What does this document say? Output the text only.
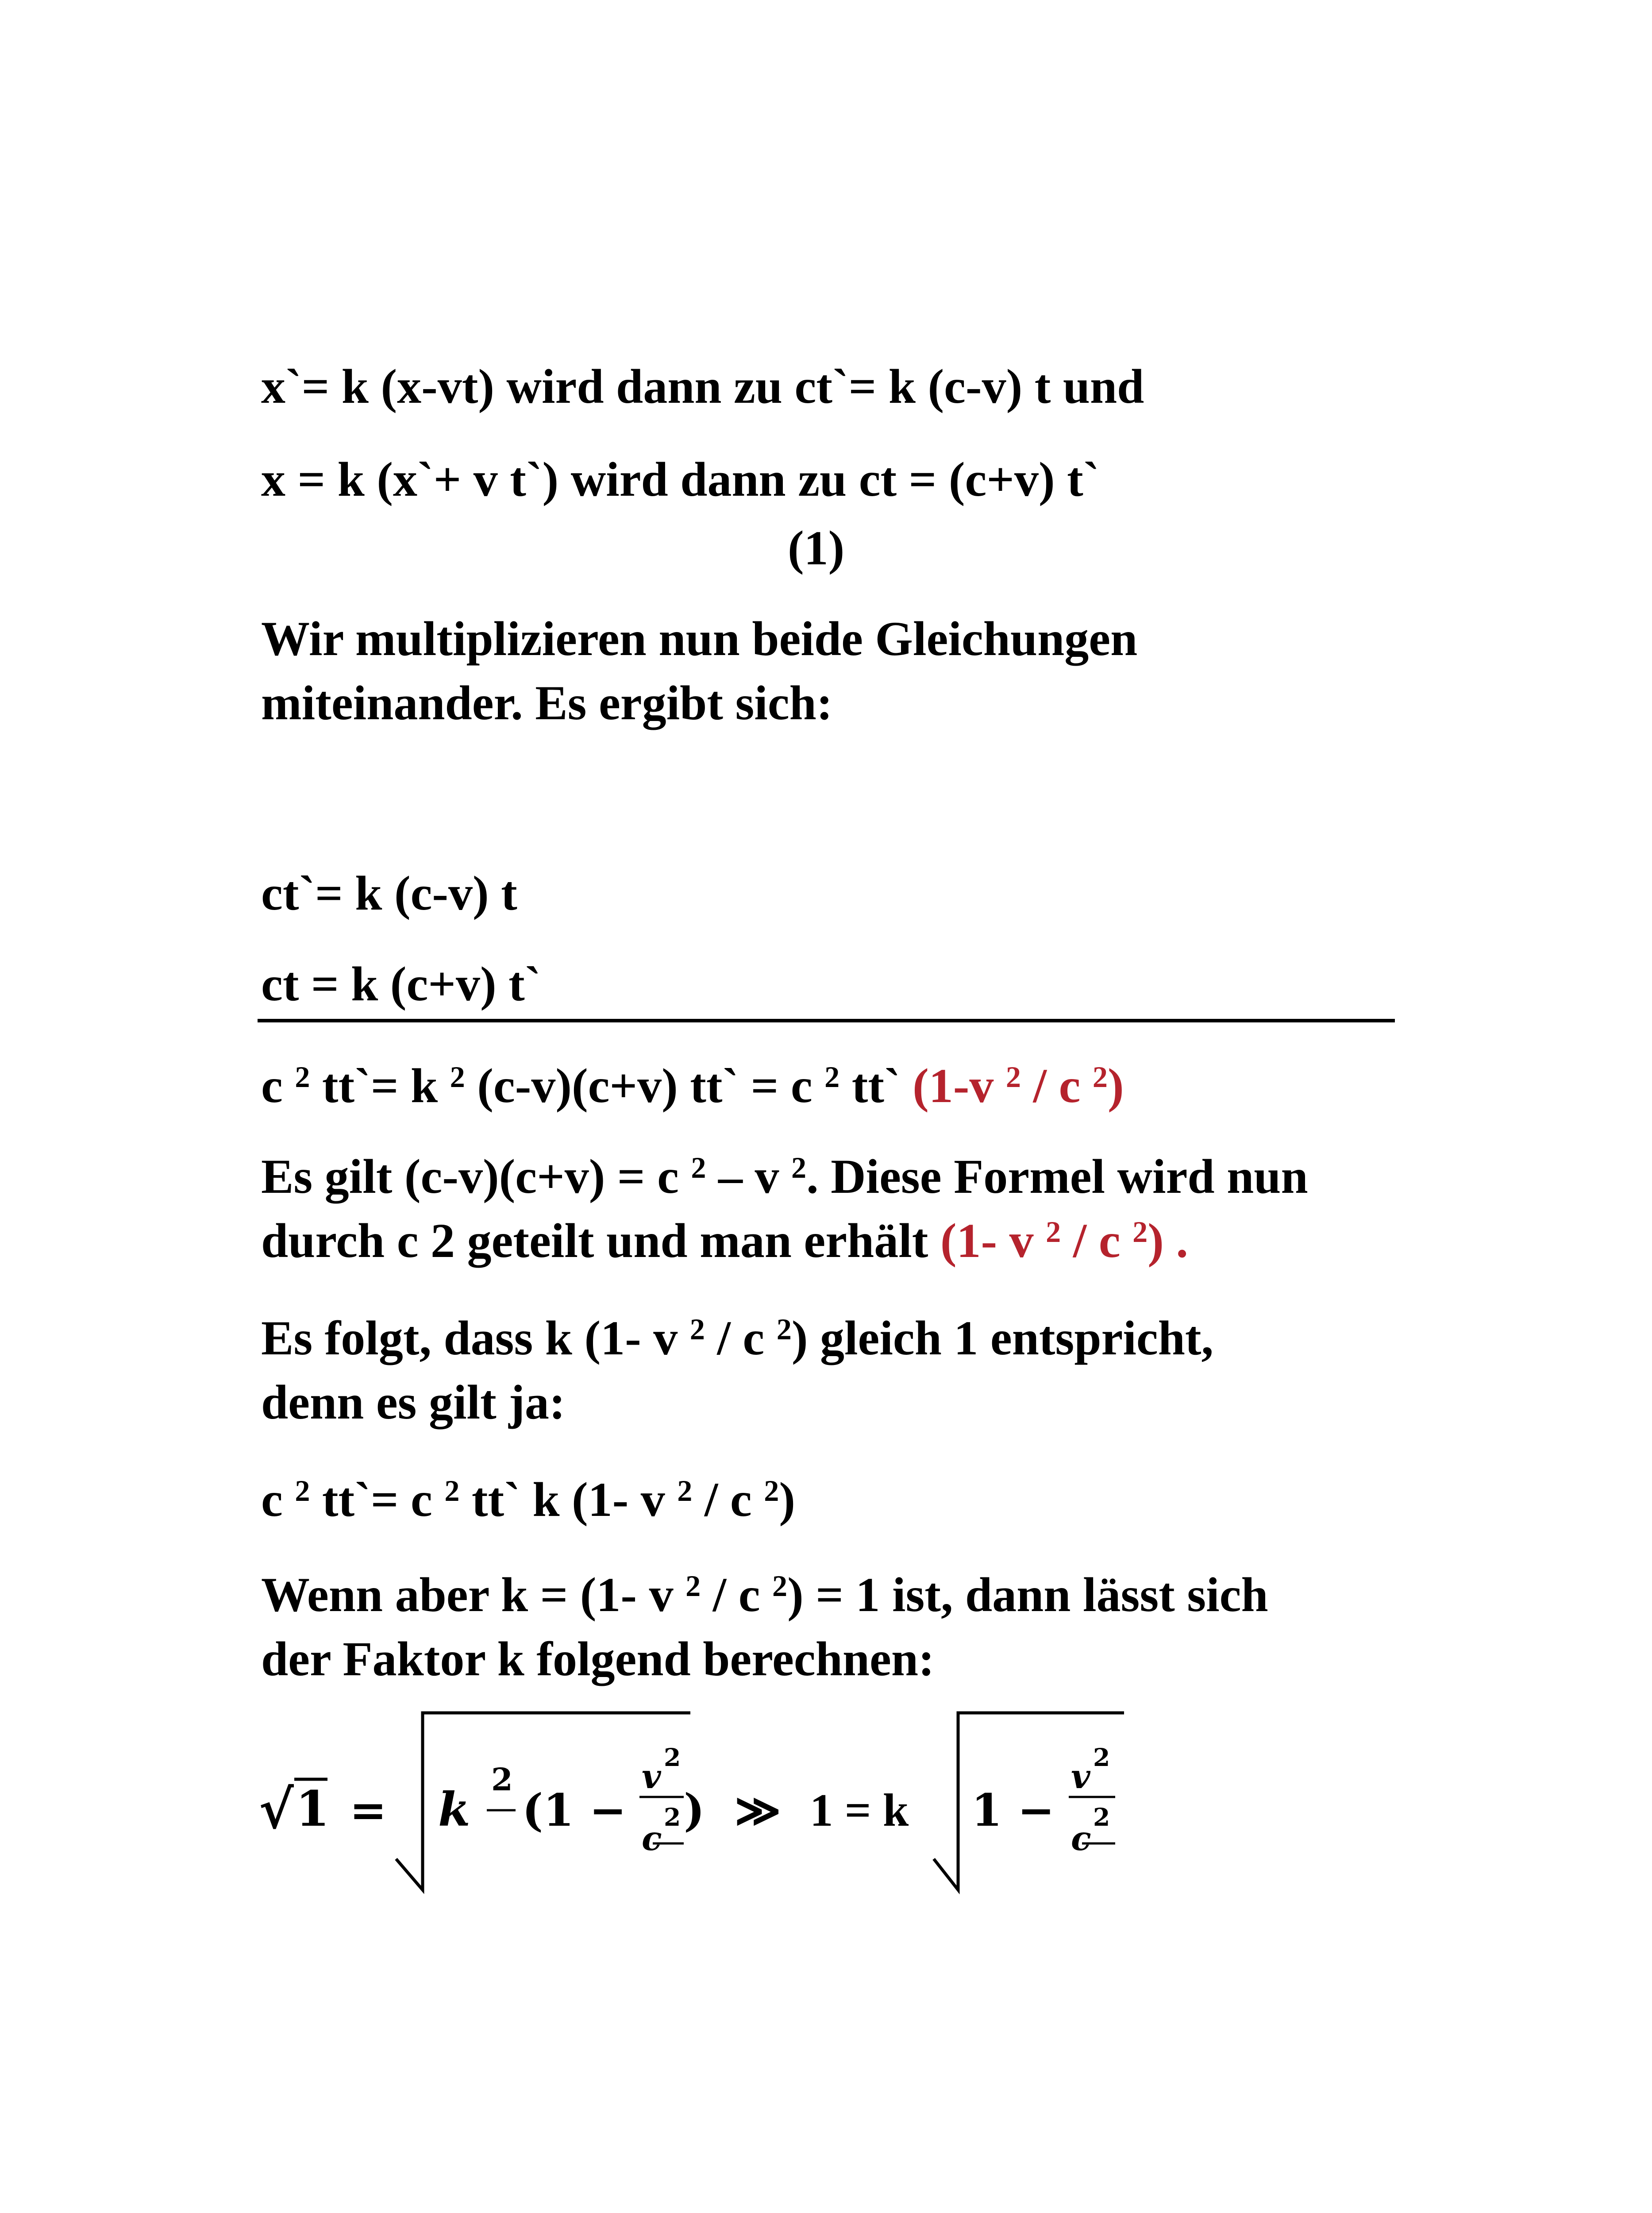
x`= k (x-vt) wird dann zu ct`= k (c-v) t und

x = k (x`+ v t`) wird dann zu ct = (c+v) t`

(1)

Wir multiplizieren nun beide Gleichungen

miteinander. Es ergibt sich:

ct`= k (c-v) t

ct = k (c+v) t`

c $^2$ tt`= k $^2$ (c-v)(c+v) tt` = c $^2$ tt` (1-v $^2$ / c $^2$)

Es gilt (c-v)(c+v) = c $^2$ – v $^2$. Diese Formel wird nun

durch c 2 geteilt und man erhält (1- v $^2$ / c $^2$) .

Es folgt, dass k (1- v $^2$ / c $^2$) gleich 1 entspricht,

denn es gilt ja:

c $^2$ tt`= c $^2$ tt` k (1- v $^2$ / c $^2$)

Wenn aber k = (1- v $^2$ / c $^2$) = 1 ist, dann lässt sich

der Faktor k folgend berechnen:

√ 1 = k
2
(1 −
v 2
2
c
) ≫ 1 = k 1 −
v 2
2
c
